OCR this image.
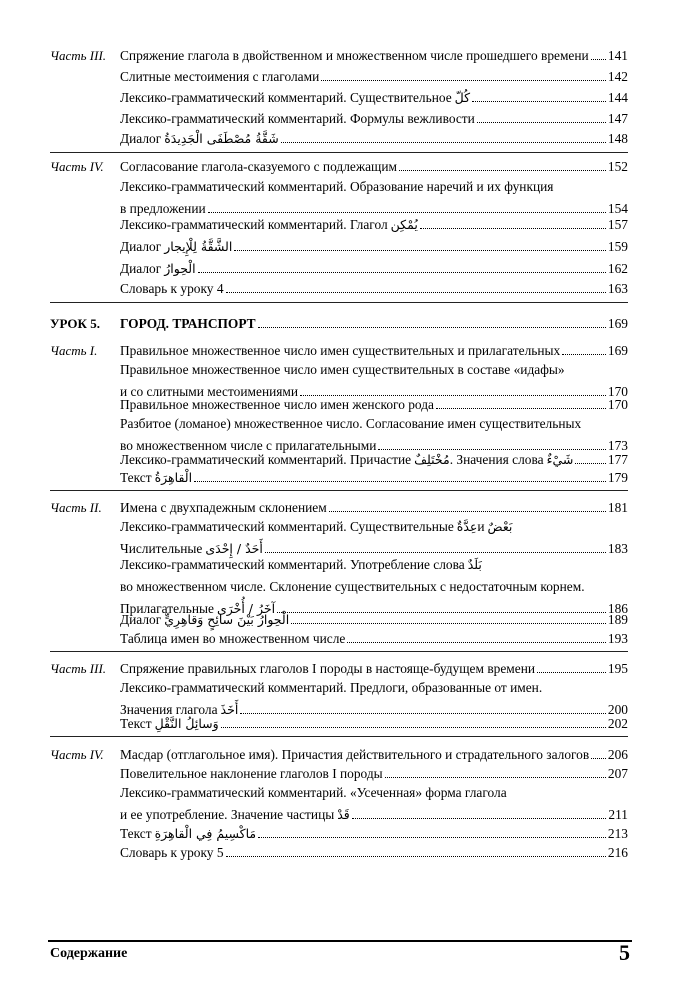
Часть III. Спряжение глагола в двойственном и множественном числе прошедшего времени 141
Слитные местоимения с глаголами	142
Лексико-грамматический комментарий. Существительное كُلّ	144
Лексико-грамматический комментарий. Формулы вежливости	147
Диалог شَقَّةُ مُصْطَفَى الْجَدِيدَةُ	148
Часть IV. Согласование глагола-сказуемого с подлежащим	152
Лексико-грамматический комментарий. Образование наречий и их функция
в предложении	154
Лексико-грамматический комментарий. Глагол يُمْكِن	157
Диалог الشَّقَّةُ لِلْإِيجار	159
Диалог الْحِوارُ	162
Словарь к уроку 4	163
УРОК 5. ГОРОД. ТРАНСПОРТ	169
Часть I. Правильное множественное число имен существительных и прилагательных	169
Правильное множественное число имен существительных в составе «идафы»
и со слитными местоимениями	170
Правильное множественное число имен женского рода	170
Разбитое (ломаное) множественное число. Согласование имен существительных
во множественном числе с прилагательными	173
Лексико-грамматический комментарий. Причастие مُخْتَلِفٌ . Значения слова شَيْءٌ	177
Текст الْقاهِرَةُ	179
Часть II. Имена с двухпадежным склонением	181
Лексико-грамматический комментарий. Существительные عِدَّةٌ и بَعْضٌ
Числительные أَحَدٌ / إِحْدَى	183
Лексико-грамматический комментарий. Употребление слова بَلَدٌ
во множественном числе. Склонение существительных с недостаточным корнем.
Прилагательные آخَرُ / أُخْرَى	186
Диалог الْحِوارُ بَيْنَ سائِحٍ وَقاهِرِيٍّ	189
Таблица имен во множественном числе	193
Часть III. Спряжение правильных глаголов I породы в настояще-будущем времени	195
Лексико-грамматический комментарий. Предлоги, образованные от имен.
Значения глагола أَخَذَ	200
Текст وَسائِلُ النَّقْلِ	202
Часть IV. Масдар (отглагольное имя). Причастия действительного и страдательного залогов 206
Повелительное наклонение глаголов I породы	207
Лексико-грамматический комментарий. «Усеченная» форма глагола
и ее употребление. Значение частицы قَدْ	211
Текст مَاكْسِيمُ فِي الْقاهِرَةِ	213
Словарь к уроку 5	216
Содержание	5
